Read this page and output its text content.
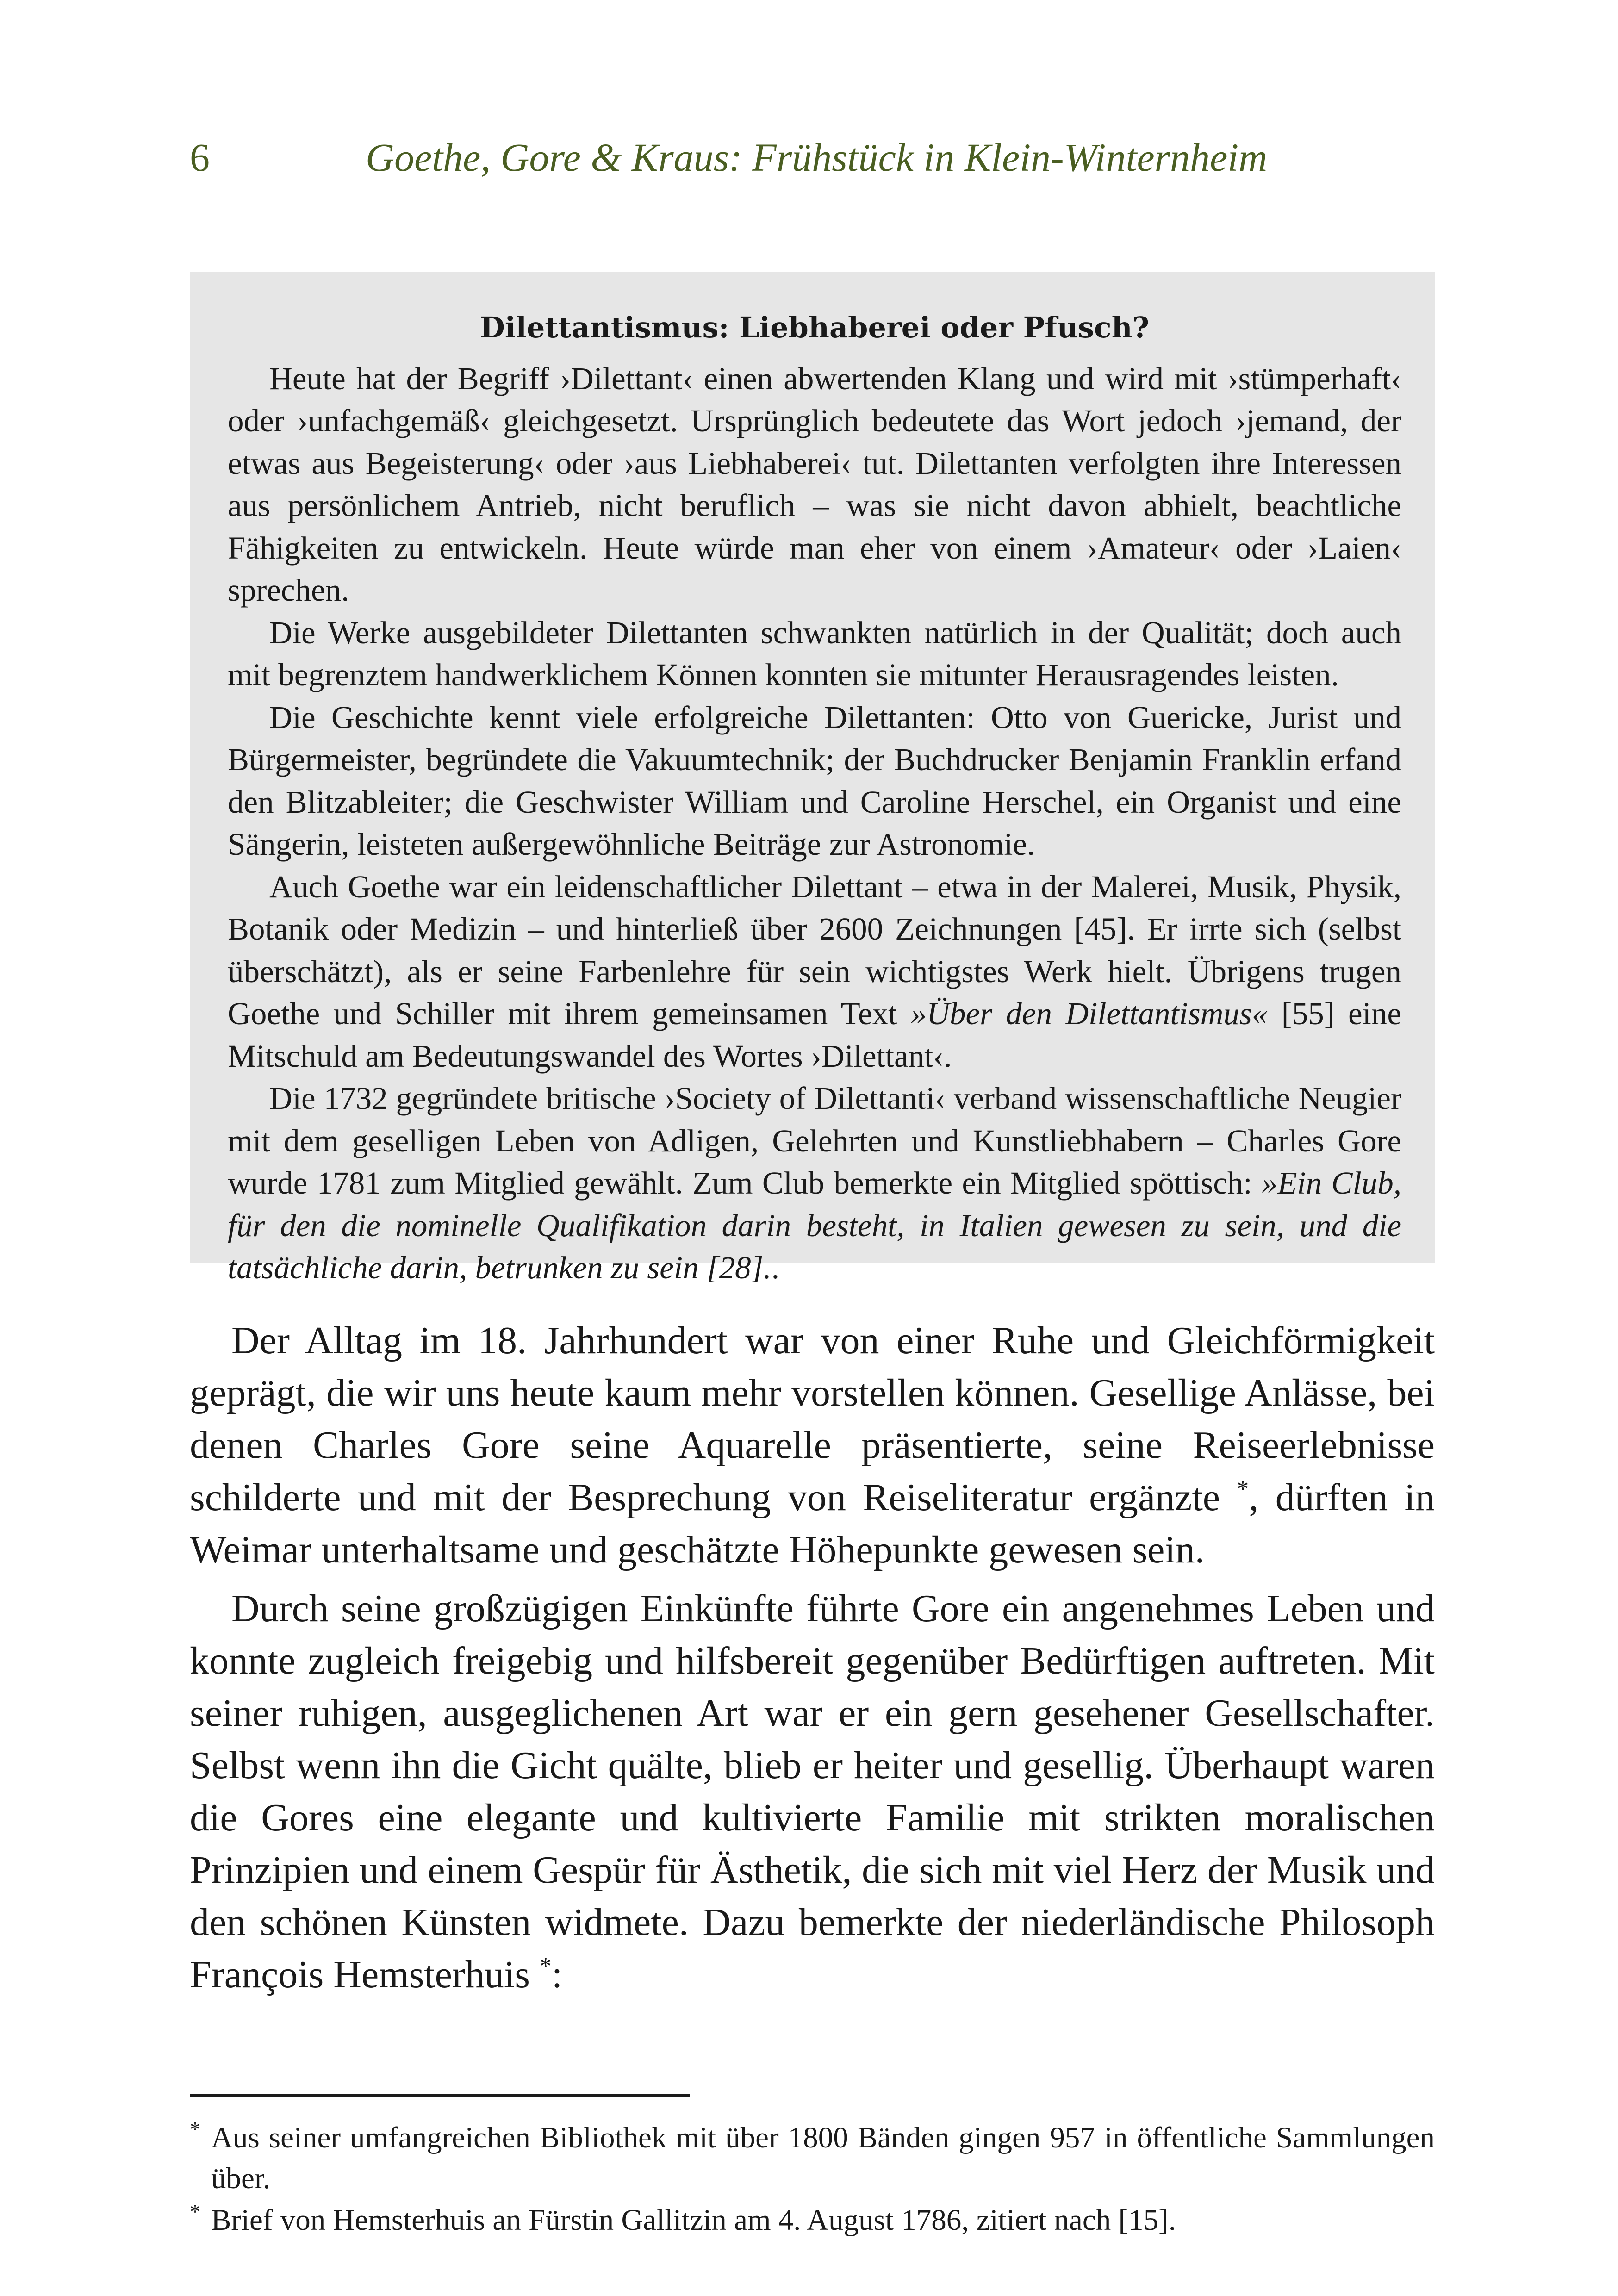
6	Goethe, Gore & Kraus: Frühstück in Klein-Winternheim
Dilettantismus: Liebhaberei oder Pfusch?

Heute hat der Begriff ›Dilettant‹ einen abwertenden Klang und wird mit ›stümperhaft‹ oder ›unfachgemäß‹ gleichgesetzt. Ursprünglich bedeutete das Wort jedoch ›jemand, der etwas aus Begeisterung‹ oder ›aus Liebhaberei‹ tut. Dilettanten verfolgten ihre Interessen aus persönlichem Antrieb, nicht beruflich – was sie nicht davon abhielt, beachtliche Fähigkeiten zu entwickeln. Heute würde man eher von einem ›Amateur‹ oder ›Laien‹ sprechen.

Die Werke ausgebildeter Dilettanten schwankten natürlich in der Qualität; doch auch mit begrenztem handwerklichem Können konnten sie mitunter Herausragendes leisten.

Die Geschichte kennt viele erfolgreiche Dilettanten: Otto von Guericke, Jurist und Bürgermeister, begründete die Vakuumtechnik; der Buchdrucker Benjamin Franklin erfand den Blitzableiter; die Geschwister William und Caroline Herschel, ein Organist und eine Sängerin, leisteten außergewöhnliche Beiträge zur Astronomie.

Auch Goethe war ein leidenschaftlicher Dilettant – etwa in der Malerei, Musik, Physik, Botanik oder Medizin – und hinterließ über 2600 Zeichnungen [45]. Er irrte sich (selbst überschätzt), als er seine Farbenlehre für sein wichtigstes Werk hielt. Übrigens trugen Goethe und Schiller mit ihrem gemeinsamen Text »Über den Dilettantismus« [55] eine Mitschuld am Bedeutungswandel des Wortes ›Dilettant‹.

Die 1732 gegründete britische ›Society of Dilettanti‹ verband wissenschaftliche Neugier mit dem geselligen Leben von Adligen, Gelehrten und Kunstliebhabern – Charles Gore wurde 1781 zum Mitglied gewählt. Zum Club bemerkte ein Mitglied spöttisch: »Ein Club, für den die nominelle Qualifikation darin besteht, in Italien gewesen zu sein, und die tatsächliche darin, betrunken zu sein [28]..

Der Alltag im 18. Jahrhundert war von einer Ruhe und Gleichförmigkeit geprägt, die wir uns heute kaum mehr vorstellen können. Gesellige Anlässe, bei denen Charles Gore seine Aquarelle präsentierte, seine Reiseerlebnisse schilderte und mit der Besprechung von Reiseliteratur ergänzte *, dürften in Weimar unterhaltsame und geschätzte Höhepunkte gewesen sein.

Durch seine großzügigen Einkünfte führte Gore ein angenehmes Leben und konnte zugleich freigebig und hilfsbereit gegenüber Bedürftigen auftreten. Mit seiner ruhigen, ausgeglichenen Art war er ein gern gesehener Gesellschafter. Selbst wenn ihn die Gicht quälte, blieb er heiter und gesellig. Überhaupt waren die Gores eine elegante und kultivierte Familie mit strikten moralischen Prinzipien und einem Gespür für Ästhetik, die sich mit viel Herz der Musik und den schönen Künsten widmete. Dazu bemerkte der niederländische Philosoph François Hemsterhuis *:

* Aus seiner umfangreichen Bibliothek mit über 1800 Bänden gingen 957 in öffentliche Sammlungen über.

* Brief von Hemsterhuis an Fürstin Gallitzin am 4. August 1786, zitiert nach [15].
